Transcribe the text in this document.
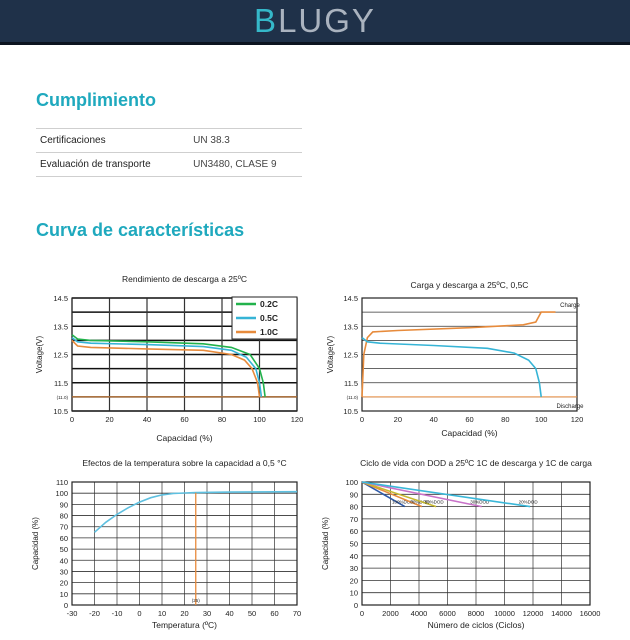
BLUGY
Cumplimiento
Certificaciones	UN 38.3
Evaluación de transporte	UN3480, CLASE 9
Curva de características
Rendimiento de descarga a 25ºC
Capacidad (%)
Voltage(V)
10.5
11.5
12.5
13.5
14.5
0	20	40	60	80	100	120
(11.0)
0.2C
0.5C
1.0C
Carga y descarga a 25ºC, 0,5C
Capacidad (%)
Voltage(V)
10.5
11.5
12.5
13.5
14.5
0	20	40	60	80	100	120
(11.0)
Charge
Discharge
Efectos de la temperatura sobre la capacidad a 0,5 °C
Temperatura (ºC)
Capacidad (%)
0
10
20
30
40
50
60
70
80
90
100
110
-30 -20 -10 0 10 20 30 40 50 60 70
(25)
Ciclo de vida con DOD a 25ºC 1C de descarga y 1C de carga
Número de ciclos (Ciclos)
Capacidad (%)
0
10
20
30
40
50
60
70
80
90
100
0 2000 4000 6000 8000 10000 12000 14000 16000
100%DOD
80%DOD
50%DOD	30%DOD	20%DOD
